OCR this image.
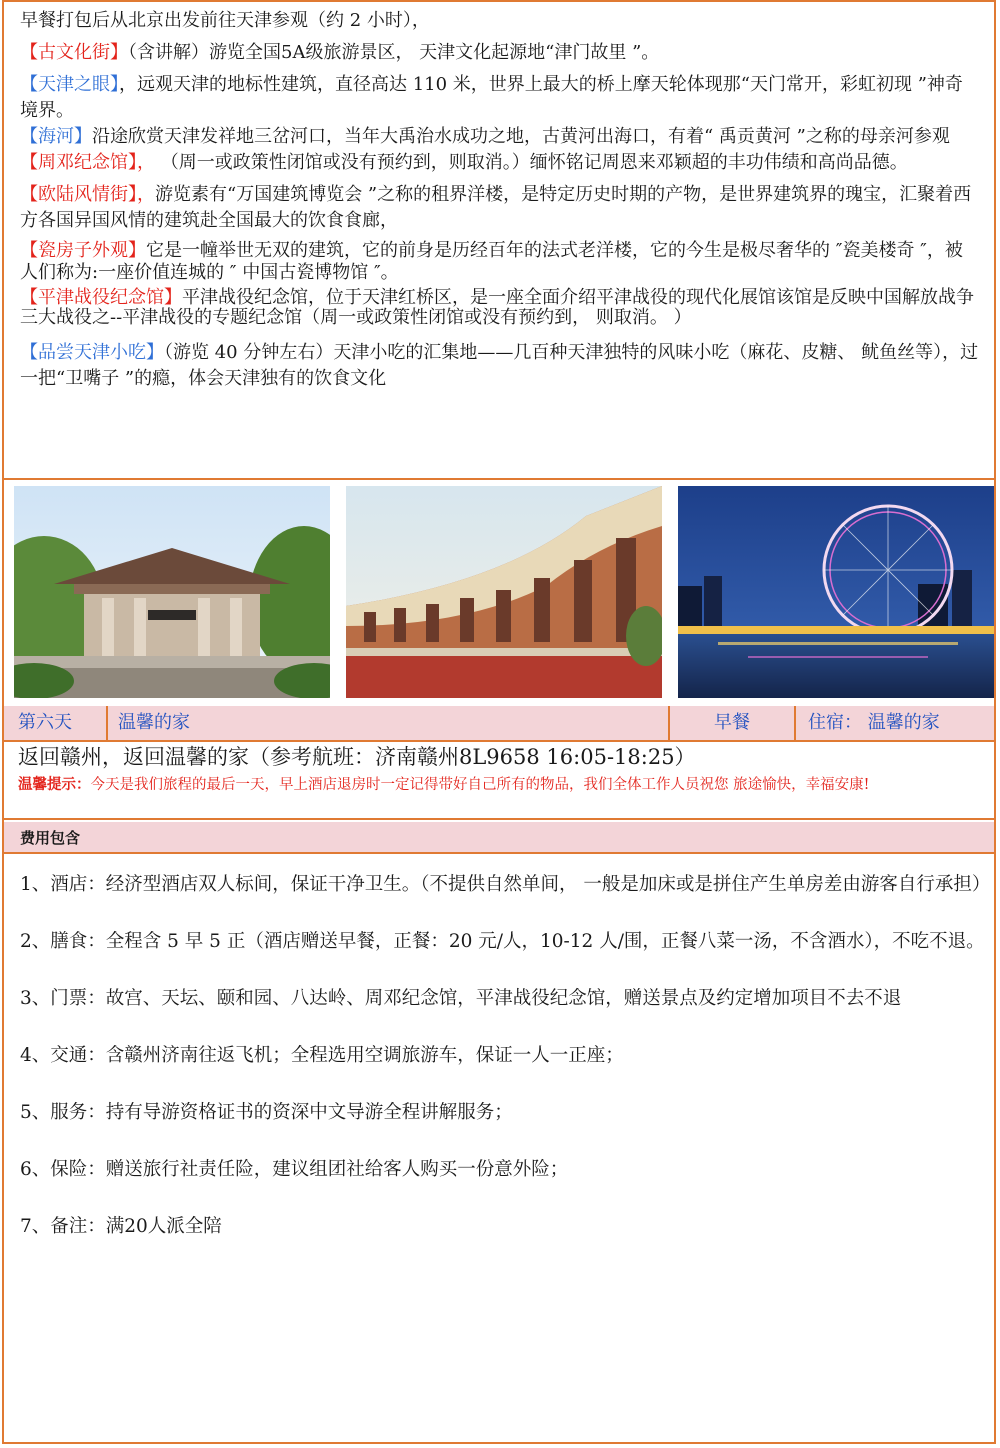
早餐打包后从北京出发前往天津参观（约 2 小时），

【古文化街】（含讲解）游览全国5A级旅游景区， 天津文化起源地“津门故里 ”。

【天津之眼】，远观天津的地标性建筑，直径高达 110 米，世界上最大的桥上摩天轮体现那“天门常开，彩虹初现 ”神奇境界。

【海河】沿途欣赏天津发祥地三岔河口，当年大禹治水成功之地，古黄河出海口，有着“ 禹贡黄河 ”之称的母亲河参观【周邓纪念馆】， （周一或政策性闭馆或没有预约到，则取消。）缅怀铭记周恩来邓颖超的丰功伟绩和高尚品德。

【欧陆风情街】，游览素有“万国建筑博览会 ”之称的租界洋楼，是特定历史时期的产物，是世界建筑界的瑰宝，汇聚着西方各国异国风情的建筑赴全国最大的饮食食廊，

【瓷房子外观】它是一幢举世无双的建筑，它的前身是历经百年的法式老洋楼，它的今生是极尽奢华的 ″瓷美楼奇 ″，被人们称为:一座价值连城的 ″ 中国古瓷博物馆 ″。

【平津战役纪念馆】平津战役纪念馆，位于天津红桥区，是一座全面介绍平津战役的现代化展馆该馆是反映中国解放战争三大战役之--平津战役的专题纪念馆（周一或政策性闭馆或没有预约到， 则取消。 ）

【品尝天津小吃】（游览 40 分钟左右）天津小吃的汇集地——几百种天津独特的风味小吃（麻花、皮糖、 鱿鱼丝等），过一把“卫嘴子 ”的瘾，体会天津独有的饮食文化

第六天	温馨的家	早餐	住宿： 温馨的家
返回赣州，返回温馨的家（参考航班：济南赣州8L9658 16:05-18:25）
温馨提示：今天是我们旅程的最后一天，早上酒店退房时一定记得带好自己所有的物品，我们全体工作人员祝您 旅途愉快，幸福安康!
费用包含

1、酒店：经济型酒店双人标间，保证干净卫生。（不提供自然单间， 一般是加床或是拼住产生单房差由游客自行承担）

2、膳食：全程含 5 早 5 正（酒店赠送早餐，正餐：20 元/人，10-12 人/围，正餐八菜一汤，不含酒水），不吃不退。

3、门票：故宫、天坛、颐和园、八达岭、周邓纪念馆，平津战役纪念馆，赠送景点及约定增加项目不去不退

4、交通：含赣州济南往返飞机；全程选用空调旅游车，保证一人一正座；

5、服务：持有导游资格证书的资深中文导游全程讲解服务；

6、保险：赠送旅行社责任险，建议组团社给客人购买一份意外险；

7、备注：满20人派全陪
